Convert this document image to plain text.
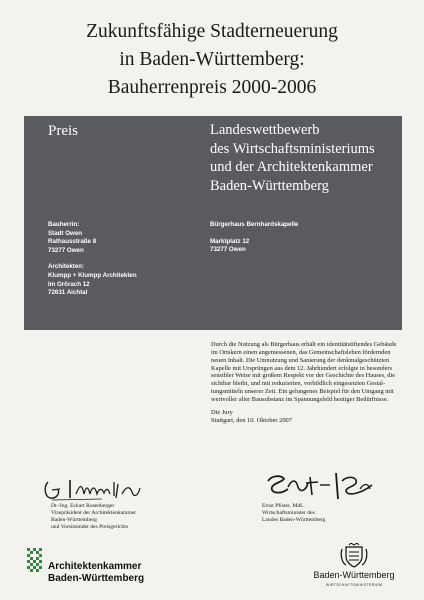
Zukunftsfähige Stadterneuerung
in Baden-Württemberg:
Bauherrenpreis 2000-2006
Preis	Landeswettbewerb
des Wirtschaftsministeriums
und der Architektenkammer
Baden-Württemberg
Bauherrin:
Stadt Owen
Rathausstraße 8
73277 Owen
Architekten:
Klumpp + Klumpp Architekten
Im Grörach 12
72631 Aichtal
Bürgerhaus Bernhardskapelle
Marktplatz 12
73277 Owen
Durch die Nutzung als Bürgerhaus erhält ein identitätstiftendes Gebäude
im Ortskern einen angemessenen, das Gemeinschaftsleben fördernden
neuen Inhalt. Die Umnutzung und Sanierung der denkmalgeschützten
Kapelle mit Ursprüngen aus dem 12. Jahrhundert erfolgte in besonders
sensibler Weise mit großem Respekt vor der Geschichte des Hauses, die
sichtbar bleibt, und mit reduzierten, vorbildlich eingesetzten Gestal-
tungsmitteln unserer Zeit. Ein gelungenes Beispiel für den Umgang mit
wertvoller alter Bausubstanz im Spannungsfeld heutiger Bedürfnisse.
Die Jury
Stuttgart, den 10. Oktober 2007
Dr.-Ing. Eckart Rosenberger
Vizepräsident der Architektenkammer
Baden-Württemberg
und Vorsitzender des Preisgerichts
Ernst Pfister, MdL
Wirtschaftsminister des
Landes Baden-Württemberg
Architektenkammer
Baden-Württemberg	Baden-Württemberg
WIRTSCHAFTSMINISTERIUM
